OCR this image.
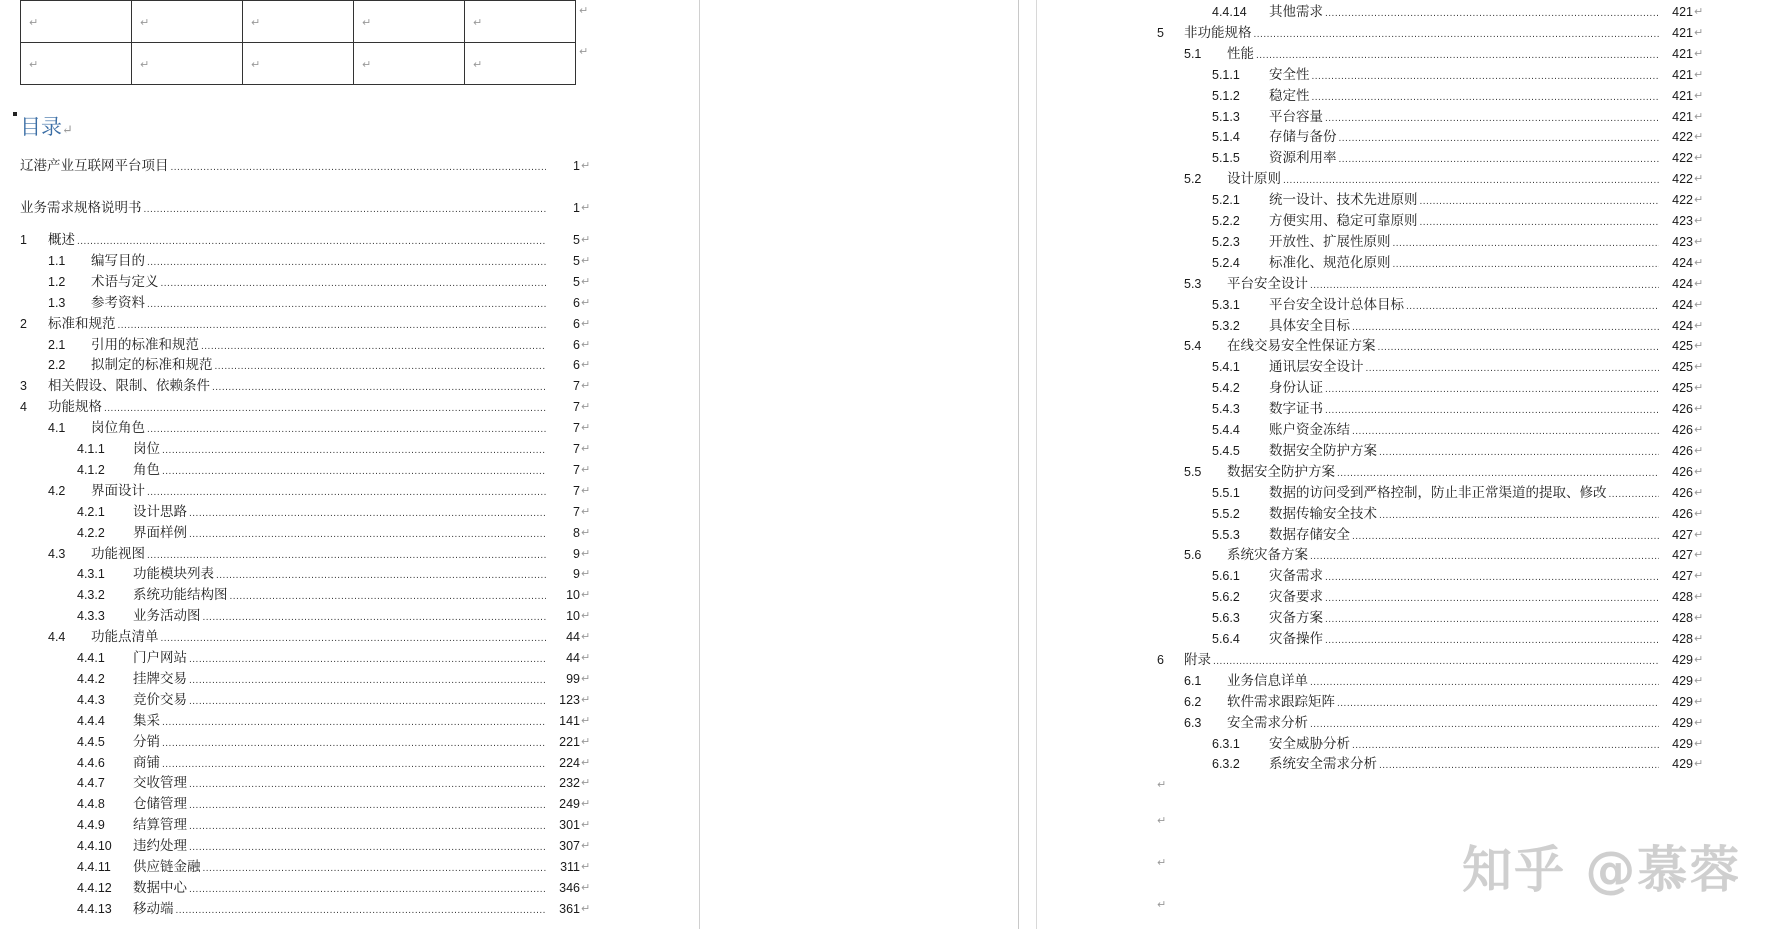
↵	↵	↵	↵	↵

↵	↵	↵	↵	↵
↵
↵
目录↵
辽港产业互联网平台项目 .....	1 ↵
业务需求规格说明书 .....	1 ↵
1 概述 .....	5 ↵
1.1 编写目的 .....	5 ↵
1.2 术语与定义 .....	5 ↵
1.3 参考资料 .....	6 ↵
2 标准和规范 .....	6 ↵
2.1 引用的标准和规范 .....	6 ↵
2.2 拟制定的标准和规范 .....	6 ↵
3 相关假设、限制、依赖条件 .....	7 ↵
4 功能规格 .....	7 ↵
4.1 岗位角色 .....	7 ↵
4.1.1 岗位 .....	7 ↵
4.1.2 角色 .....	7 ↵
4.2 界面设计 .....	7 ↵
4.2.1 设计思路 .....	7 ↵
4.2.2 界面样例 .....	8 ↵
4.3 功能视图 .....	9 ↵
4.3.1 功能模块列表 .....	9 ↵
4.3.2 系统功能结构图 .....	10 ↵
4.3.3 业务活动图 .....	10 ↵
4.4 功能点清单 .....	44 ↵
4.4.1 门户网站 .....	44 ↵
4.4.2 挂牌交易 .....	99 ↵
4.4.3 竞价交易 .....	123 ↵
4.4.4 集采 .....	141 ↵
4.4.5 分销 .....	221 ↵
4.4.6 商铺 .....	224 ↵
4.4.7 交收管理 .....	232 ↵
4.4.8 仓储管理 .....	249 ↵
4.4.9 结算管理 .....	301 ↵
4.4.10 违约处理 .....	307 ↵
4.4.11 供应链金融 .....	311 ↵
4.4.12 数据中心 .....	346 ↵
4.4.13 移动端 .....	361 ↵
4.4.14 其他需求 .....	421 ↵
5 非功能规格 .....	421 ↵
5.1 性能 .....	421 ↵
5.1.1 安全性 .....	421 ↵
5.1.2 稳定性 .....	421 ↵
5.1.3 平台容量 .....	421 ↵
5.1.4 存储与备份 .....	422 ↵
5.1.5 资源利用率 .....	422 ↵
5.2 设计原则 .....	422 ↵
5.2.1 统一设计、技术先进原则 .....	422 ↵
5.2.2 方便实用、稳定可靠原则 .....	423 ↵
5.2.3 开放性、扩展性原则 .....	423 ↵
5.2.4 标准化、规范化原则 .....	424 ↵
5.3 平台安全设计 .....	424 ↵
5.3.1 平台安全设计总体目标 .....	424 ↵
5.3.2 具体安全目标 .....	424 ↵
5.4 在线交易安全性保证方案 .....	425 ↵
5.4.1 通讯层安全设计 .....	425 ↵
5.4.2 身份认证 .....	425 ↵
5.4.3 数字证书 .....	426 ↵
5.4.4 账户资金冻结 .....	426 ↵
5.4.5 数据安全防护方案 .....	426 ↵
5.5 数据安全防护方案 .....	426 ↵
5.5.1 数据的访问受到严格控制，防止非正常渠道的提取、修改 .....	426 ↵
5.5.2 数据传输安全技术 .....	426 ↵
5.5.3 数据存储安全 .....	427 ↵
5.6 系统灾备方案 .....	427 ↵
5.6.1 灾备需求 .....	427 ↵
5.6.2 灾备要求 .....	428 ↵
5.6.3 灾备方案 .....	428 ↵
5.6.4 灾备操作 .....	428 ↵
6 附录 .....	429 ↵
6.1 业务信息详单 .....	429 ↵
6.2 软件需求跟踪矩阵 .....	429 ↵
6.3 安全需求分析 .....	429 ↵
6.3.1 安全威胁分析 .....	429 ↵
6.3.2 系统安全需求分析 .....	429 ↵
↵
↵
↵
↵
知乎 @慕蓉
